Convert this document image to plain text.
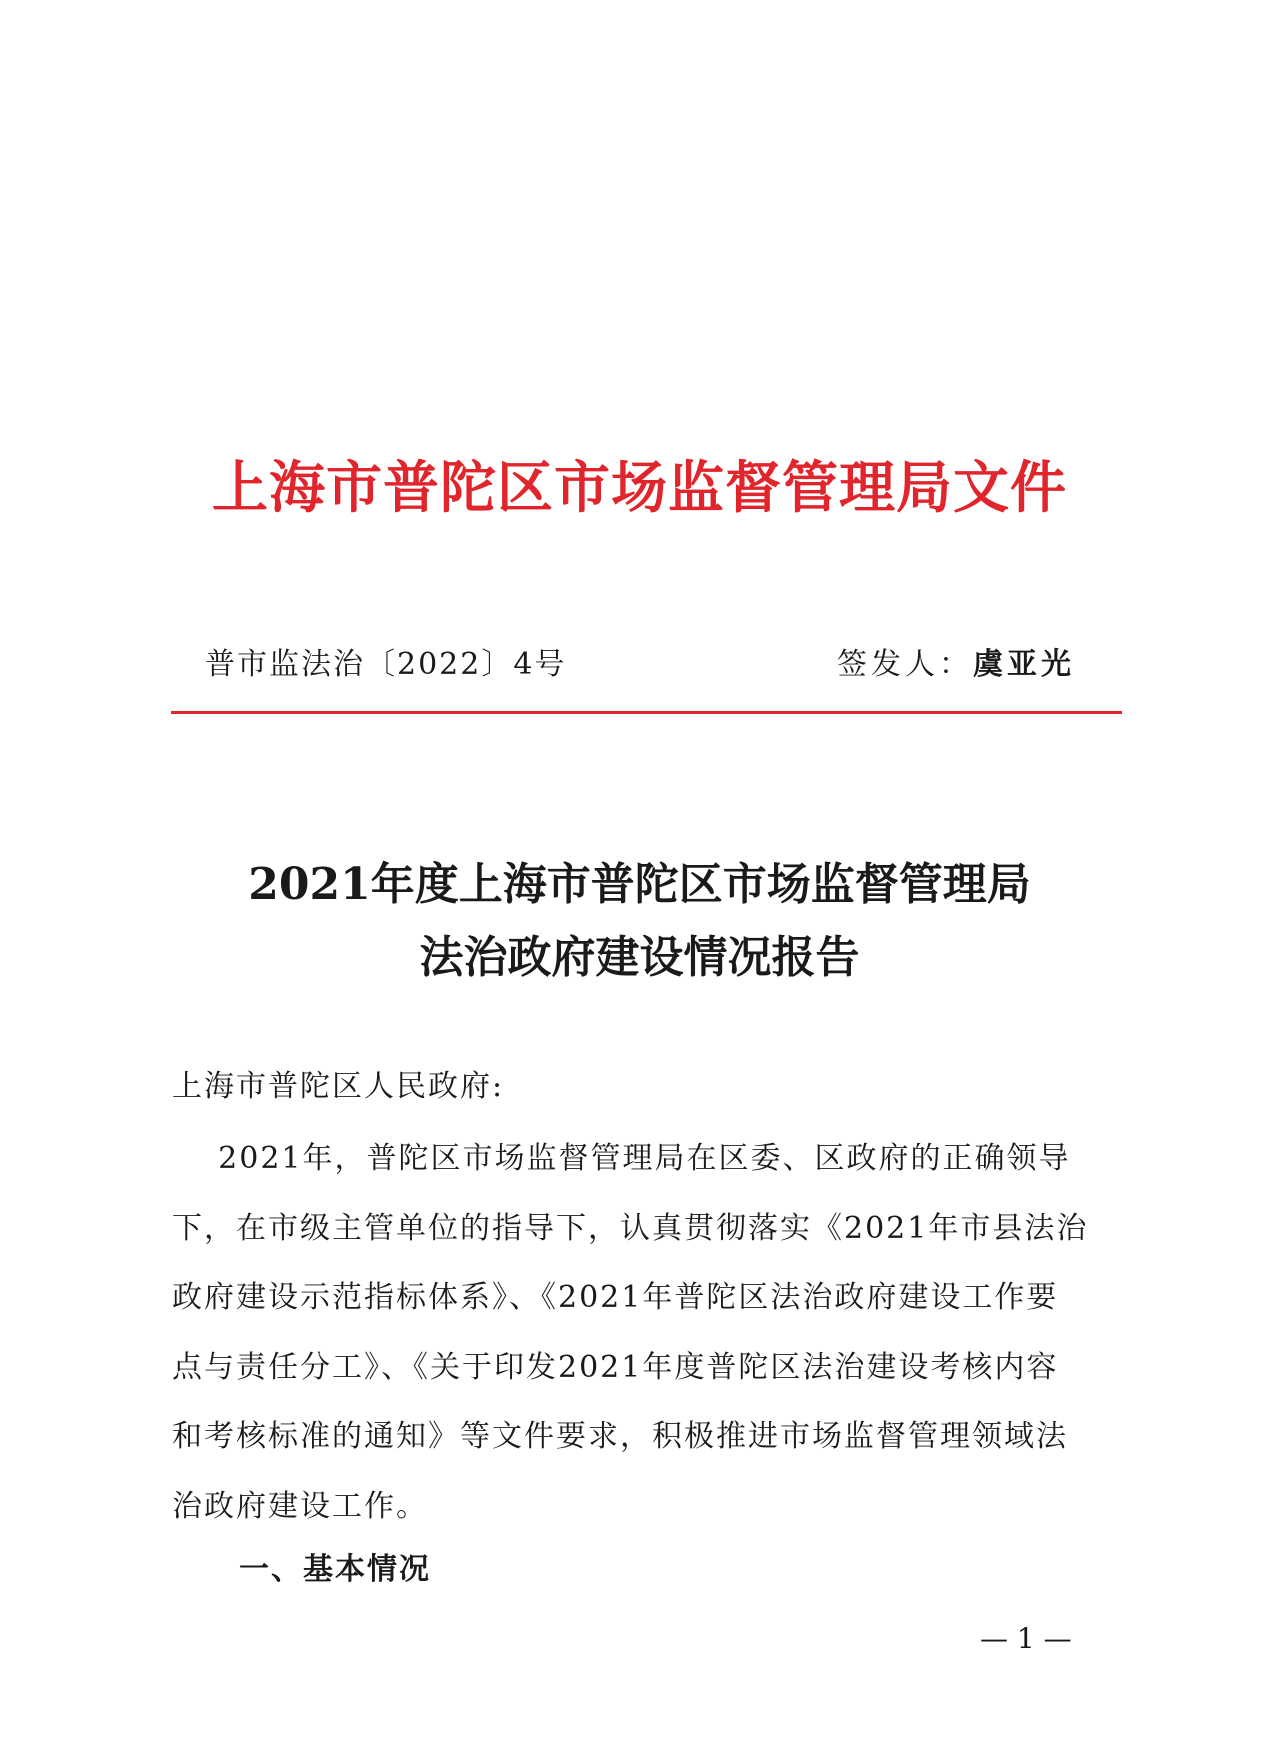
上海市普陀区市场监督管理局文件
普市监法治〔2022〕4号	签发人：虞亚光
2021年度上海市普陀区市场监督管理局
法治政府建设情况报告
上海市普陀区人民政府:
2021年，普陀区市场监督管理局在区委、区政府的正确领导
下，在市级主管单位的指导下，认真贯彻落实《2021年市县法治
政府建设示范指标体系》、《2021年普陀区法治政府建设工作要
点与责任分工》、《关于印发2021年度普陀区法治建设考核内容
和考核标准的通知》等文件要求，积极推进市场监督管理领域法
治政府建设工作。
一、基本情况
— 1 —
